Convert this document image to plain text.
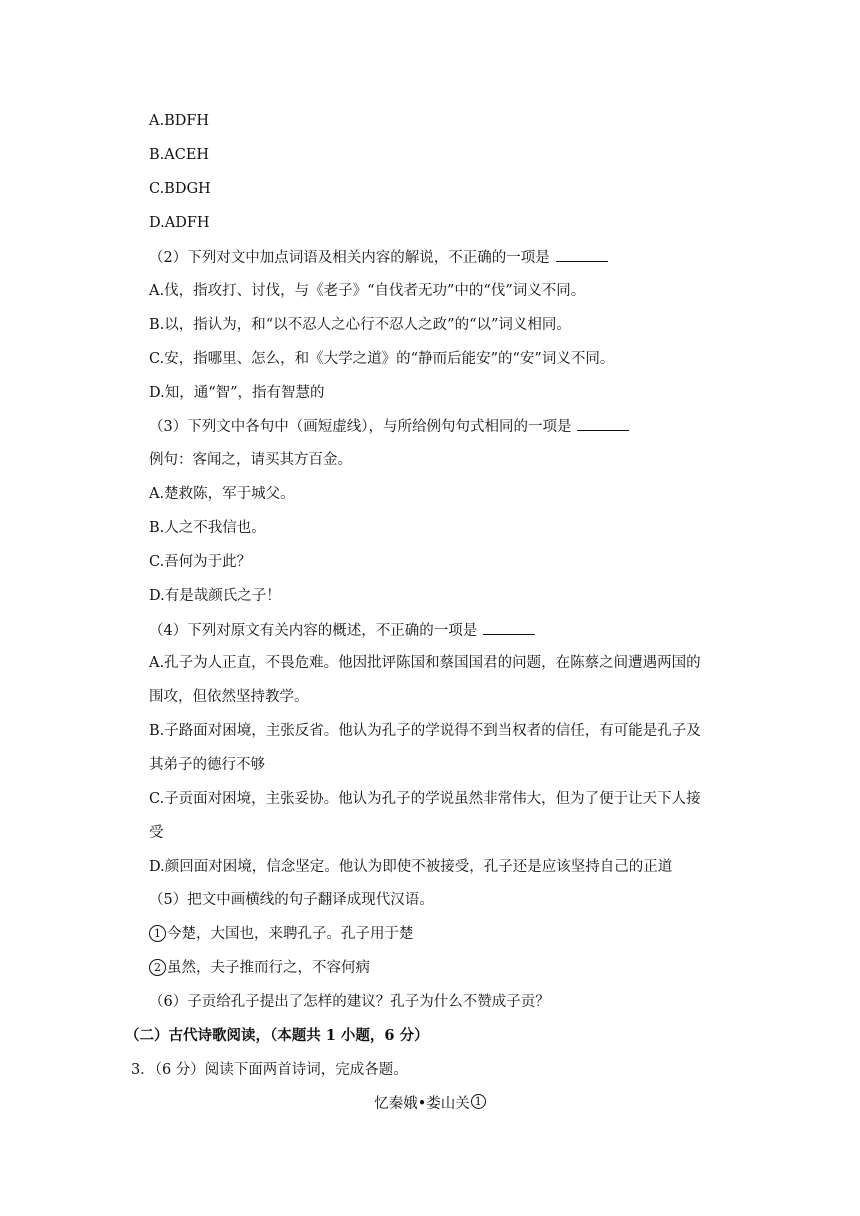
A.BDFH
B.ACEH
C.BDGH
D.ADFH
（2）下列对文中加点词语及相关内容的解说，不正确的一项是
A.伐，指攻打、讨伐，与《老子》“自伐者无功”中的“伐”词义不同。
B.以，指认为，和“以不忍人之心行不忍人之政”的“以”词义相同。
C.安，指哪里、怎么，和《大学之道》的“静而后能安”的“安”词义不同。
D.知，通“智”，指有智慧的
（3）下列文中各句中（画短虚线），与所给例句句式相同的一项是
例句：客闻之，请买其方百金。
A.楚救陈，军于城父。
B.人之不我信也。
C.吾何为于此？
D.有是哉颜氏之子！
（4）下列对原文有关内容的概述，不正确的一项是
A.孔子为人正直，不畏危难。他因批评陈国和蔡国国君的问题，在陈蔡之间遭遇两国的
围攻，但依然坚持教学。
B.子路面对困境，主张反省。他认为孔子的学说得不到当权者的信任，有可能是孔子及
其弟子的德行不够
C.子贡面对困境，主张妥协。他认为孔子的学说虽然非常伟大，但为了便于让天下人接
受
D.颜回面对困境，信念坚定。他认为即使不被接受，孔子还是应该坚持自己的正道
（5）把文中画横线的句子翻译成现代汉语。
1 今楚，大国也，来聘孔子。孔子用于楚
2 虽然，夫子推而行之，不容何病
（6）子贡给孔子提出了怎样的建议？孔子为什么不赞成子贡？
（二）古代诗歌阅读，（本题共 1 小题，6 分）
3．（6 分）阅读下面两首诗词，完成各题。
忆秦娥•娄山关 $^1$
